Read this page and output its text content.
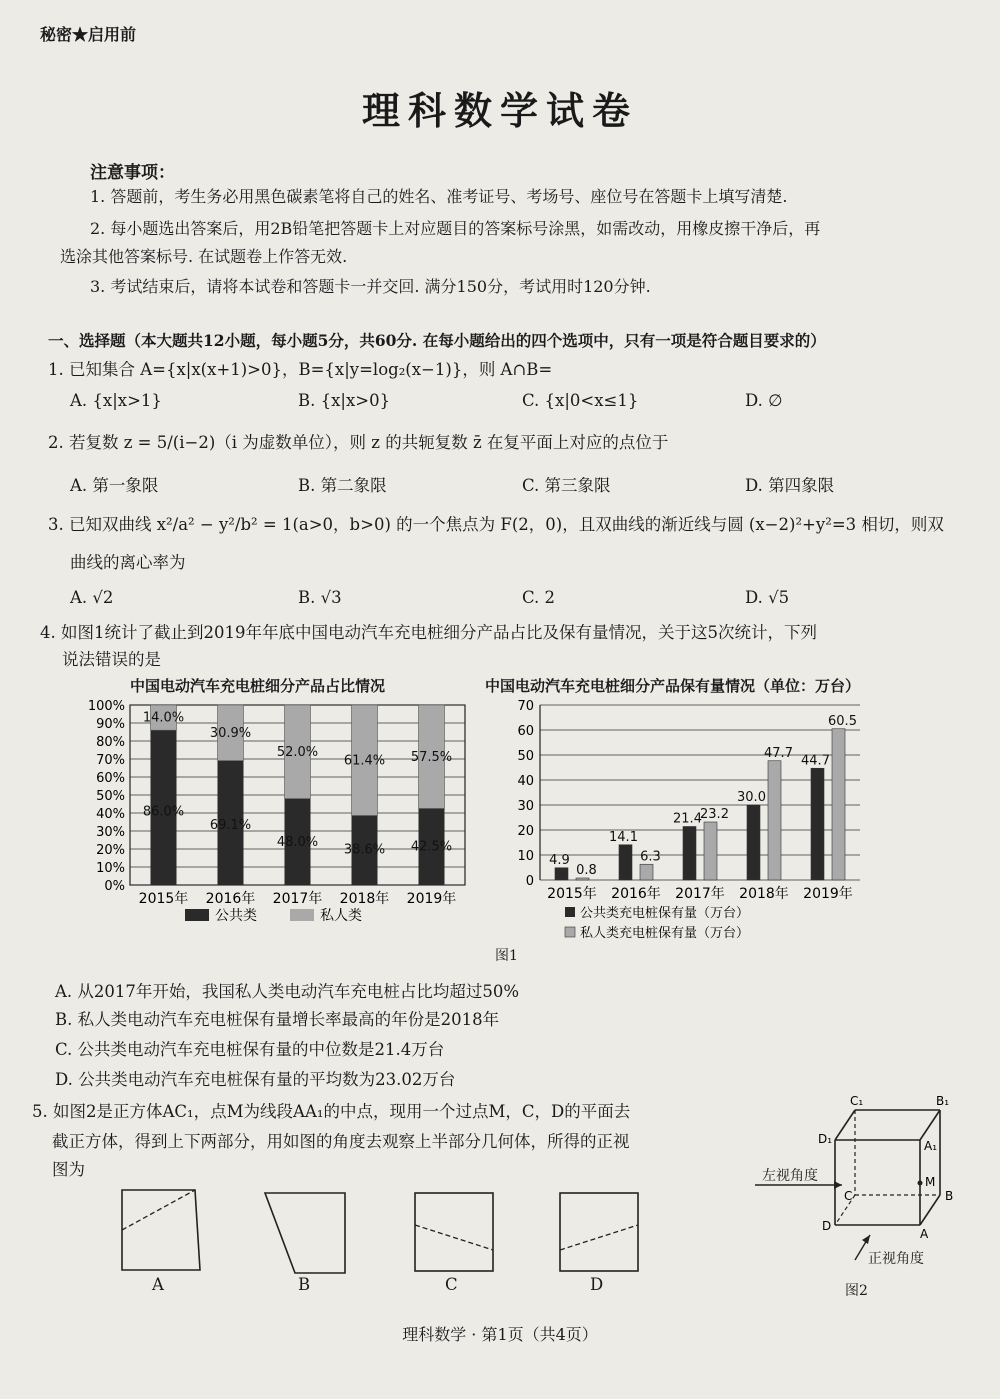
秘密★启用前
理科数学试卷
注意事项：
1. 答题前，考生务必用黑色碳素笔将自己的姓名、准考证号、考场号、座位号在答题卡上填写清楚.
2. 每小题选出答案后，用2B铅笔把答题卡上对应题目的答案标号涂黑，如需改动，用橡皮擦干净后，再
选涂其他答案标号. 在试题卷上作答无效.
3. 考试结束后，请将本试卷和答题卡一并交回. 满分150分，考试用时120分钟.
一、选择题（本大题共12小题，每小题5分，共60分. 在每小题给出的四个选项中，只有一项是符合题目要求的）
1. 已知集合 A={x|x(x+1)>0}，B={x|y=log₂(x−1)}，则 A∩B=
A. {x|x>1}	B. {x|x>0}	C. {x|0<x≤1}	D. ∅
2. 若复数 z = 5/(i−2)（i 为虚数单位），则 z 的共轭复数 z̄ 在复平面上对应的点位于
A. 第一象限	B. 第二象限	C. 第三象限	D. 第四象限
3. 已知双曲线 x²/a² − y²/b² = 1(a>0，b>0) 的一个焦点为 F(2，0)，且双曲线的渐近线与圆 (x−2)²+y²=3 相切，则双
曲线的离心率为
A. √2	B. √3	C. 2	D. √5
4. 如图1统计了截止到2019年年底中国电动汽车充电桩细分产品占比及保有量情况，关于这5次统计，下列
说法错误的是
中国电动汽车充电桩细分产品占比情况
0%
10%
20%
30%
40%
50%
60%
70%
80%
90%
100%
86.0%
14.0%
2015年
69.1%
30.9%
2016年
48.0%
52.0%
2017年
38.6%
61.4%
2018年
42.5%
57.5%
2019年
公共类	私人类
中国电动汽车充电桩细分产品保有量情况（单位：万台）
0
10
20
30
40
50
60
70
4.9
0.8
2015年
14.1
6.3
2016年
21.4
23.2
2017年
30.0
47.7
2018年
44.7
60.5
2019年
公共类充电桩保有量（万台）
私人类充电桩保有量（万台）
图1
A. 从2017年开始，我国私人类电动汽车充电桩占比均超过50%
B. 私人类电动汽车充电桩保有量增长率最高的年份是2018年
C. 公共类电动汽车充电桩保有量的中位数是21.4万台
D. 公共类电动汽车充电桩保有量的平均数为23.02万台
5. 如图2是正方体AC₁，点M为线段AA₁的中点，现用一个过点M，C，D的平面去
截正方体，得到上下两部分，用如图的角度去观察上半部分几何体，所得的正视
图为
A	B	C	D
C₁	B₁
D₁	A₁
M
C	B
D
A
左视角度
正视角度
图2
理科数学 · 第1页（共4页）
